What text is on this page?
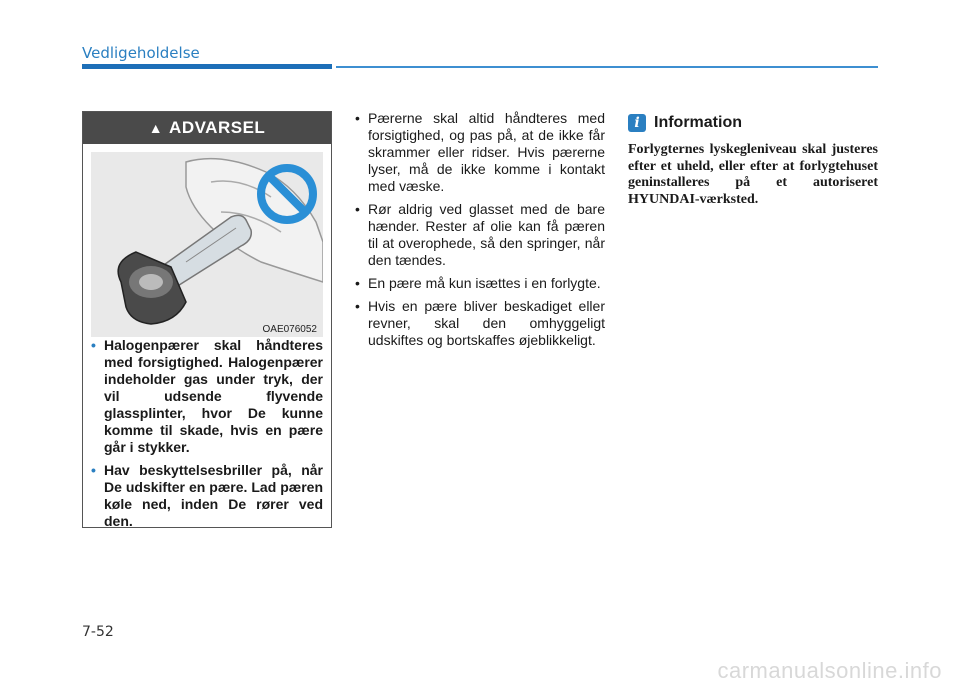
Vedligeholdelse
▲ ADVARSEL
OAE076052
• Halogenpærer skal håndteres med forsigtighed. Halogenpærer indeholder gas under tryk, der vil udsende flyvende glassplinter, hvor De kunne komme til skade, hvis en pære går i stykker.
• Hav beskyttelsesbriller på, når De udskifter en pære. Lad pæren køle ned, inden De rører ved den.
• Pærerne skal altid håndteres med forsigtighed, og pas på, at de ikke får skrammer eller ridser. Hvis pærerne lyser, må de ikke komme i kontakt med væske.
• Rør aldrig ved glasset med de bare hænder. Rester af olie kan få pæren til at overophede, så den springer, når den tændes.
• En pære må kun isættes i en forlygte.
• Hvis en pære bliver beskadiget eller revner, skal den omhyggeligt udskiftes og bortskaffes øjeblikkeligt.
i Information
Forlygternes lyskegleniveau skal justeres efter et uheld, eller efter at forlygtehuset geninstalleres på et autoriseret HYUNDAI-værksted.
7-52
carmanualsonline.info
